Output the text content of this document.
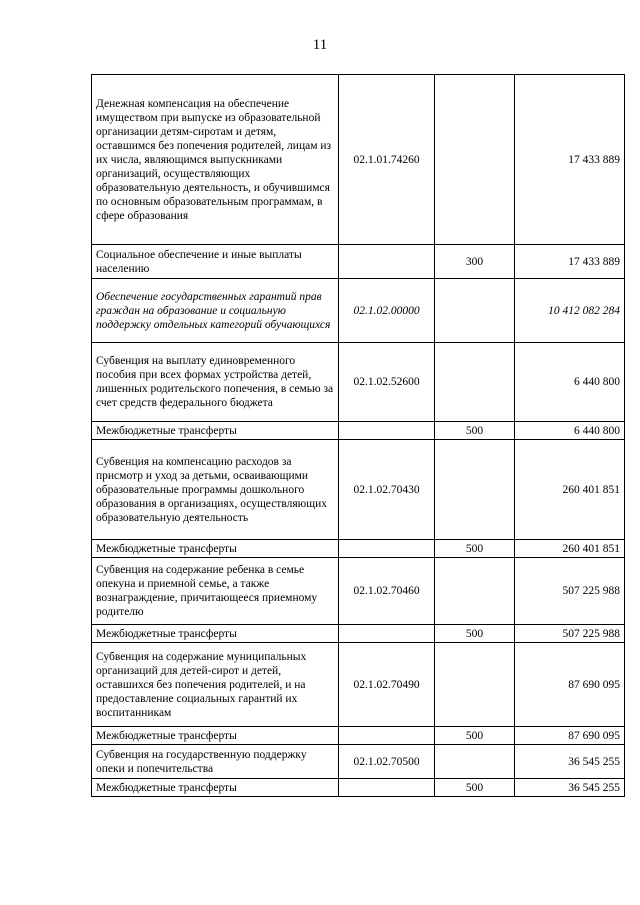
11
Денежная компенсация на обеспечение имуществом при выпуске из образовательной организации детям-сиротам и детям, оставшимся без попечения родителей, лицам из их числа, являющимся выпускниками организаций, осуществляющих образовательную деятельность, и обучившимся по основным образовательным программам, в сфере образования	02.1.01.74260		17 433 889
Социальное обеспечение и иные выплаты населению		300	17 433 889
Обеспечение государственных гарантий прав граждан на образование и социальную поддержку отдельных категорий обучающихся	02.1.02.00000		10 412 082 284
Субвенция на выплату единовременного пособия при всех формах устройства детей, лишенных родительского попечения, в семью за счет средств федерального бюджета	02.1.02.52600		6 440 800
Межбюджетные трансферты		500	6 440 800
Субвенция на компенсацию расходов за присмотр и уход за детьми, осваивающими образовательные программы дошкольного образования в организациях, осуществляющих образовательную деятельность	02.1.02.70430		260 401 851
Межбюджетные трансферты		500	260 401 851
Субвенция на содержание ребенка в семье опекуна и приемной семье, а также вознаграждение, причитающееся приемному родителю	02.1.02.70460		507 225 988
Межбюджетные трансферты		500	507 225 988
Субвенция на содержание муниципальных организаций для детей-сирот и детей, оставшихся без попечения родителей, и на предоставление социальных гарантий их воспитанникам	02.1.02.70490		87 690 095
Межбюджетные трансферты		500	87 690 095
Субвенция на государственную поддержку опеки и попечительства	02.1.02.70500		36 545 255
Межбюджетные трансферты		500	36 545 255
